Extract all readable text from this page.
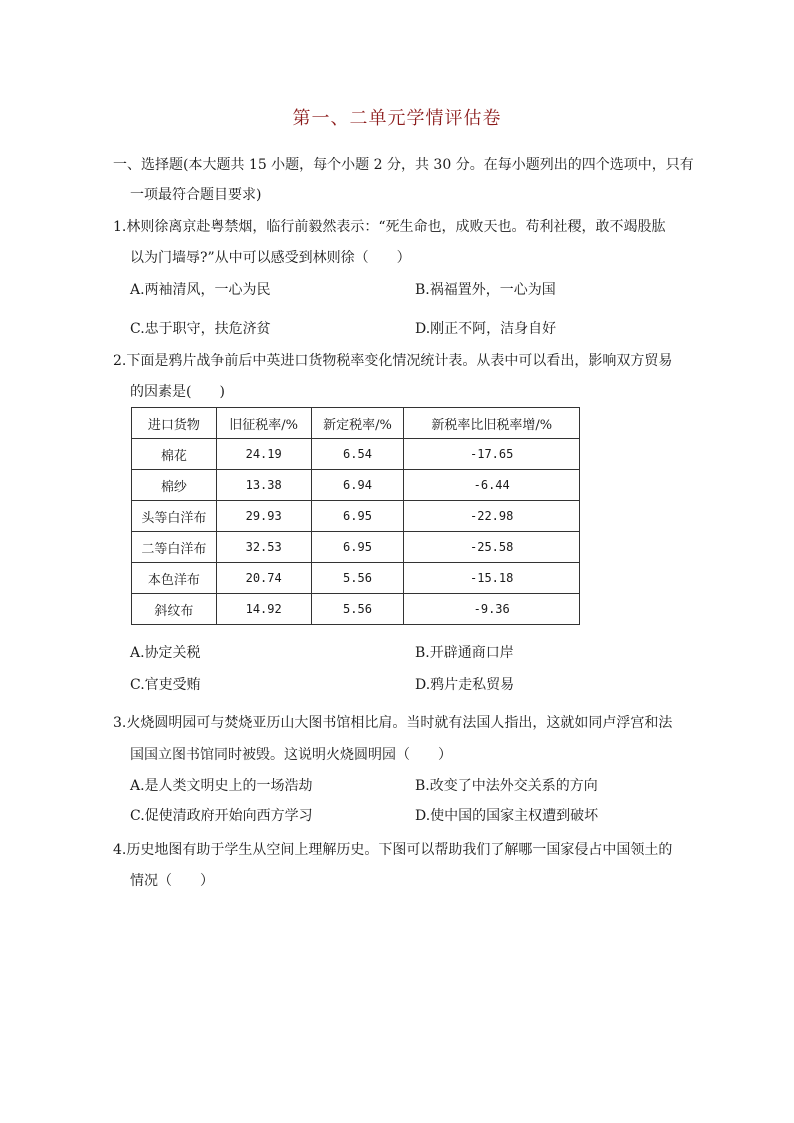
第一、二单元学情评估卷
一、选择题(本大题共 15 小题，每个小题 2 分，共 30 分。在每小题列出的四个选项中，只有
一项最符合题目要求)
1.林则徐离京赴粤禁烟，临行前毅然表示：“死生命也，成败天也。苟利社稷，敢不竭股肱
以为门墙辱?”从中可以感受到林则徐（　　）
A.两袖清风，一心为民	B.祸福置外，一心为国
C.忠于职守，扶危济贫	D.刚正不阿，洁身自好
2.下面是鸦片战争前后中英进口货物税率变化情况统计表。从表中可以看出，影响双方贸易
的因素是(　　)
进口货物	旧征税率/%	新定税率/%	新税率比旧税率增/%
棉花	24.19	6.54	-17.65
棉纱	13.38	6.94	-6.44
头等白洋布	29.93	6.95	-22.98
二等白洋布	32.53	6.95	-25.58
本色洋布	20.74	5.56	-15.18
斜纹布	14.92	5.56	-9.36
A.协定关税	B.开辟通商口岸
C.官吏受贿	D.鸦片走私贸易
3.火烧圆明园可与焚烧亚历山大图书馆相比肩。当时就有法国人指出，这就如同卢浮宫和法
国国立图书馆同时被毁。这说明火烧圆明园（　　）
A.是人类文明史上的一场浩劫	B.改变了中法外交关系的方向
C.促使清政府开始向西方学习	D.使中国的国家主权遭到破坏
4.历史地图有助于学生从空间上理解历史。下图可以帮助我们了解哪一国家侵占中国领土的
情况（　　）
